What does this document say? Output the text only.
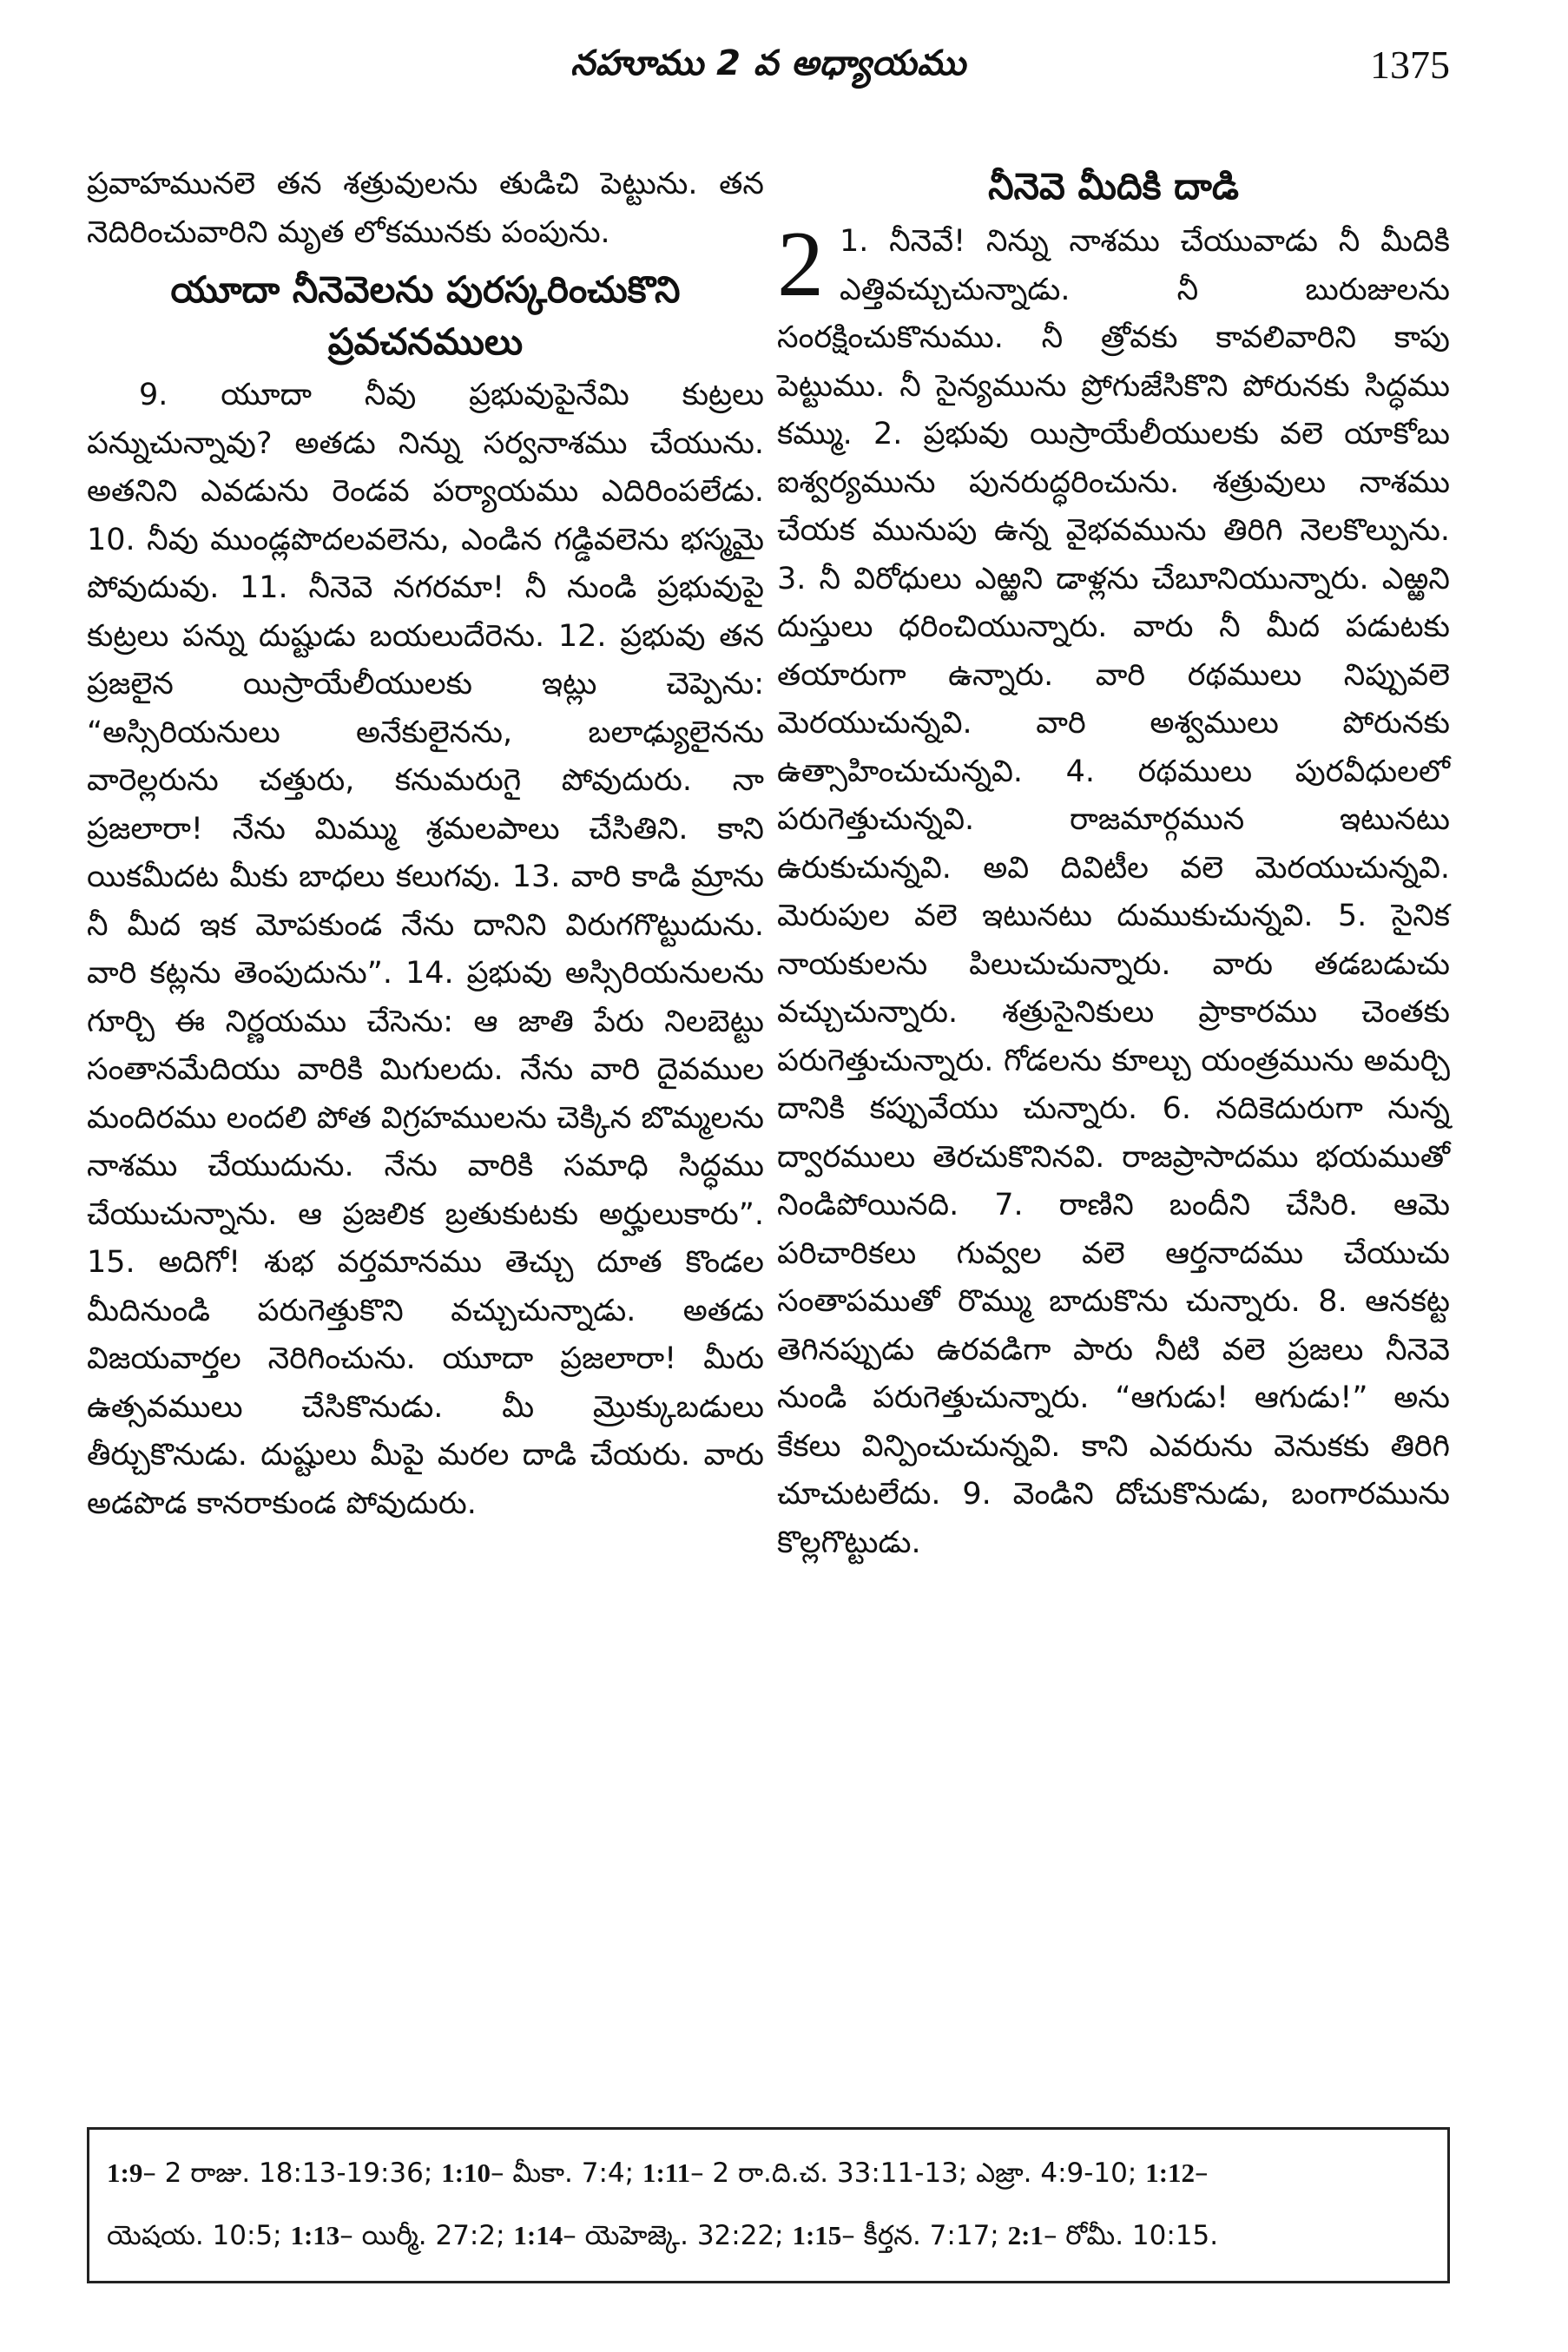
నహూము 2 వ అధ్యాయము	1375

ప్రవాహమునలె తన శత్రువులను తుడిచి పెట్టును. తన నెదిరించువారిని మృత లోకమునకు పంపును.

యూదా నీనెవెలను పురస్కరించుకొని ప్రవచనములు

9. యూదా నీవు ప్రభువుపైనేమి కుట్రలు పన్నుచున్నావు? అతడు నిన్ను సర్వనాశము చేయును. అతనిని ఎవడును రెండవ పర్యాయము ఎదిరింపలేడు. 10. నీవు ముండ్లపొదలవలెను, ఎండిన గడ్డివలెను భస్మమై పోవుదువు. 11. నీనెవె నగరమా! నీ నుండి ప్రభువుపై కుట్రలు పన్ను దుష్టుడు బయలుదేరెను. 12. ప్రభువు తన ప్రజలైన యిస్రాయేలీయులకు ఇట్లు చెప్పెను: “అస్సిరియనులు అనేకులైనను, బలాఢ్యులైనను వారెల్లరును చత్తురు, కనుమరుగై పోవుదురు. నా ప్రజలారా! నేను మిమ్ము శ్రమలపాలు చేసితిని. కాని యికమీదట మీకు బాధలు కలుగవు. 13. వారి కాడి మ్రాను నీ మీద ఇక మోపకుండ నేను దానిని విరుగగొట్టుదును. వారి కట్లను తెంపుదును”. 14. ప్రభువు అస్సిరియనులను గూర్చి ఈ నిర్ణయము చేసెను: ఆ జాతి పేరు నిలబెట్టు సంతానమేదియు వారికి మిగులదు. నేను వారి దైవముల మందిరము లందలి పోత విగ్రహములను చెక్కిన బొమ్మలను నాశము చేయుదును. నేను వారికి సమాధి సిద్ధము చేయుచున్నాను. ఆ ప్రజలిక బ్రతుకుటకు అర్హులుకారు”. 15. అదిగో! శుభ వర్తమానము తెచ్చు దూత కొండల మీదినుండి పరుగెత్తుకొని వచ్చుచున్నాడు. అతడు విజయవార్తల నెరిగించును. యూదా ప్రజలారా! మీరు ఉత్సవములు చేసికొనుడు. మీ మ్రొక్కుబడులు తీర్చుకొనుడు. దుష్టులు మీపై మరల దాడి చేయరు. వారు అడపొడ కానరాకుండ పోవుదురు.

నీనెవె మీదికి దాడి

2 1. నీనెవే! నిన్ను నాశము చేయువాడు నీ మీదికి ఎత్తివచ్చుచున్నాడు. నీ బురుజులను సంరక్షించుకొనుము. నీ త్రోవకు కావలివారిని కాపు పెట్టుము. నీ సైన్యమును ప్రోగుజేసికొని పోరునకు సిద్ధము కమ్ము. 2. ప్రభువు యిస్రాయేలీయులకు వలె యాకోబు ఐశ్వర్యమును పునరుద్ధరించును. శత్రువులు నాశము చేయక మునుపు ఉన్న వైభవమును తిరిగి నెలకొల్పును. 3. నీ విరోధులు ఎఱ్ఱని డాళ్లను చేబూనియున్నారు. ఎఱ్ఱని దుస్తులు ధరించియున్నారు. వారు నీ మీద పడుటకు తయారుగా ఉన్నారు. వారి రథములు నిప్పువలె మెరయుచున్నవి. వారి అశ్వములు పోరునకు ఉత్సాహించుచున్నవి. 4. రథములు పురవీధులలో పరుగెత్తుచున్నవి. రాజమార్గమున ఇటునటు ఉరుకుచున్నవి. అవి దివిటీల వలె మెరయుచున్నవి. మెరుపుల వలె ఇటునటు దుముకుచున్నవి. 5. సైనిక నాయకులను పిలుచుచున్నారు. వారు తడబడుచు వచ్చుచున్నారు. శత్రుసైనికులు ప్రాకారము చెంతకు పరుగెత్తుచున్నారు. గోడలను కూల్చు యంత్రమును అమర్చి దానికి కప్పువేయు చున్నారు. 6. నదికెదురుగా నున్న ద్వారములు తెరచుకొనినవి. రాజప్రాసాదము భయముతో నిండిపోయినది. 7. రాణిని బందీని చేసిరి. ఆమె పరిచారికలు గువ్వల వలె ఆర్తనాదము చేయుచు సంతాపముతో రొమ్ము బాదుకొను చున్నారు. 8. ఆనకట్ట తెగినప్పుడు ఉరవడిగా పారు నీటి వలె ప్రజలు నీనెవె నుండి పరుగెత్తుచున్నారు. “ఆగుడు! ఆగుడు!” అను కేకలు విన్పించుచున్నవి. కాని ఎవరును వెనుకకు తిరిగి చూచుటలేదు. 9. వెండిని దోచుకొనుడు, బంగారమును కొల్లగొట్టుడు.

1:9– 2 రాజు. 18:13-19:36; 1:10– మీకా. 7:4; 1:11– 2 రా.ది.చ. 33:11-13; ఎజ్రా. 4:9-10; 1:12–
యెషయ. 10:5; 1:13– యిర్మీ. 27:2; 1:14– యెహెజ్కె. 32:22; 1:15– కీర్తన. 7:17; 2:1– రోమీ. 10:15.
